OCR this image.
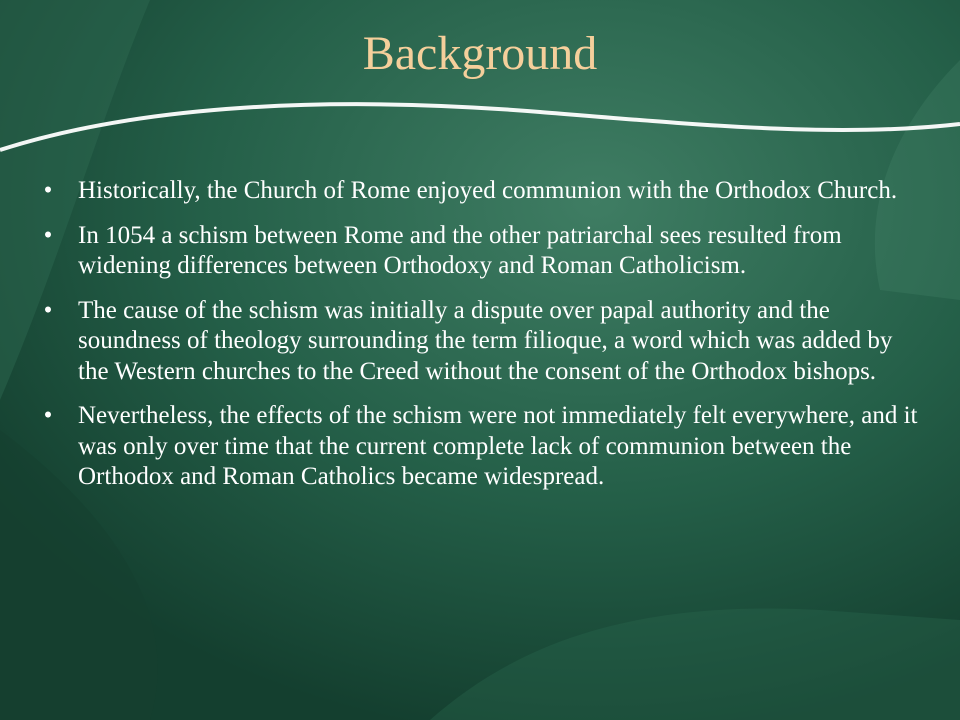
Background
• Historically, the Church of Rome enjoyed communion with the Orthodox Church.
• In 1054 a schism between Rome and the other patriarchal sees resulted from widening differences between Orthodoxy and Roman Catholicism.
• The cause of the schism was initially a dispute over papal authority and the soundness of theology surrounding the term filioque, a word which was added by the Western churches to the Creed without the consent of the Orthodox bishops.
• Nevertheless, the effects of the schism were not immediately felt everywhere, and it was only over time that the current complete lack of communion between the Orthodox and Roman Catholics became widespread.
